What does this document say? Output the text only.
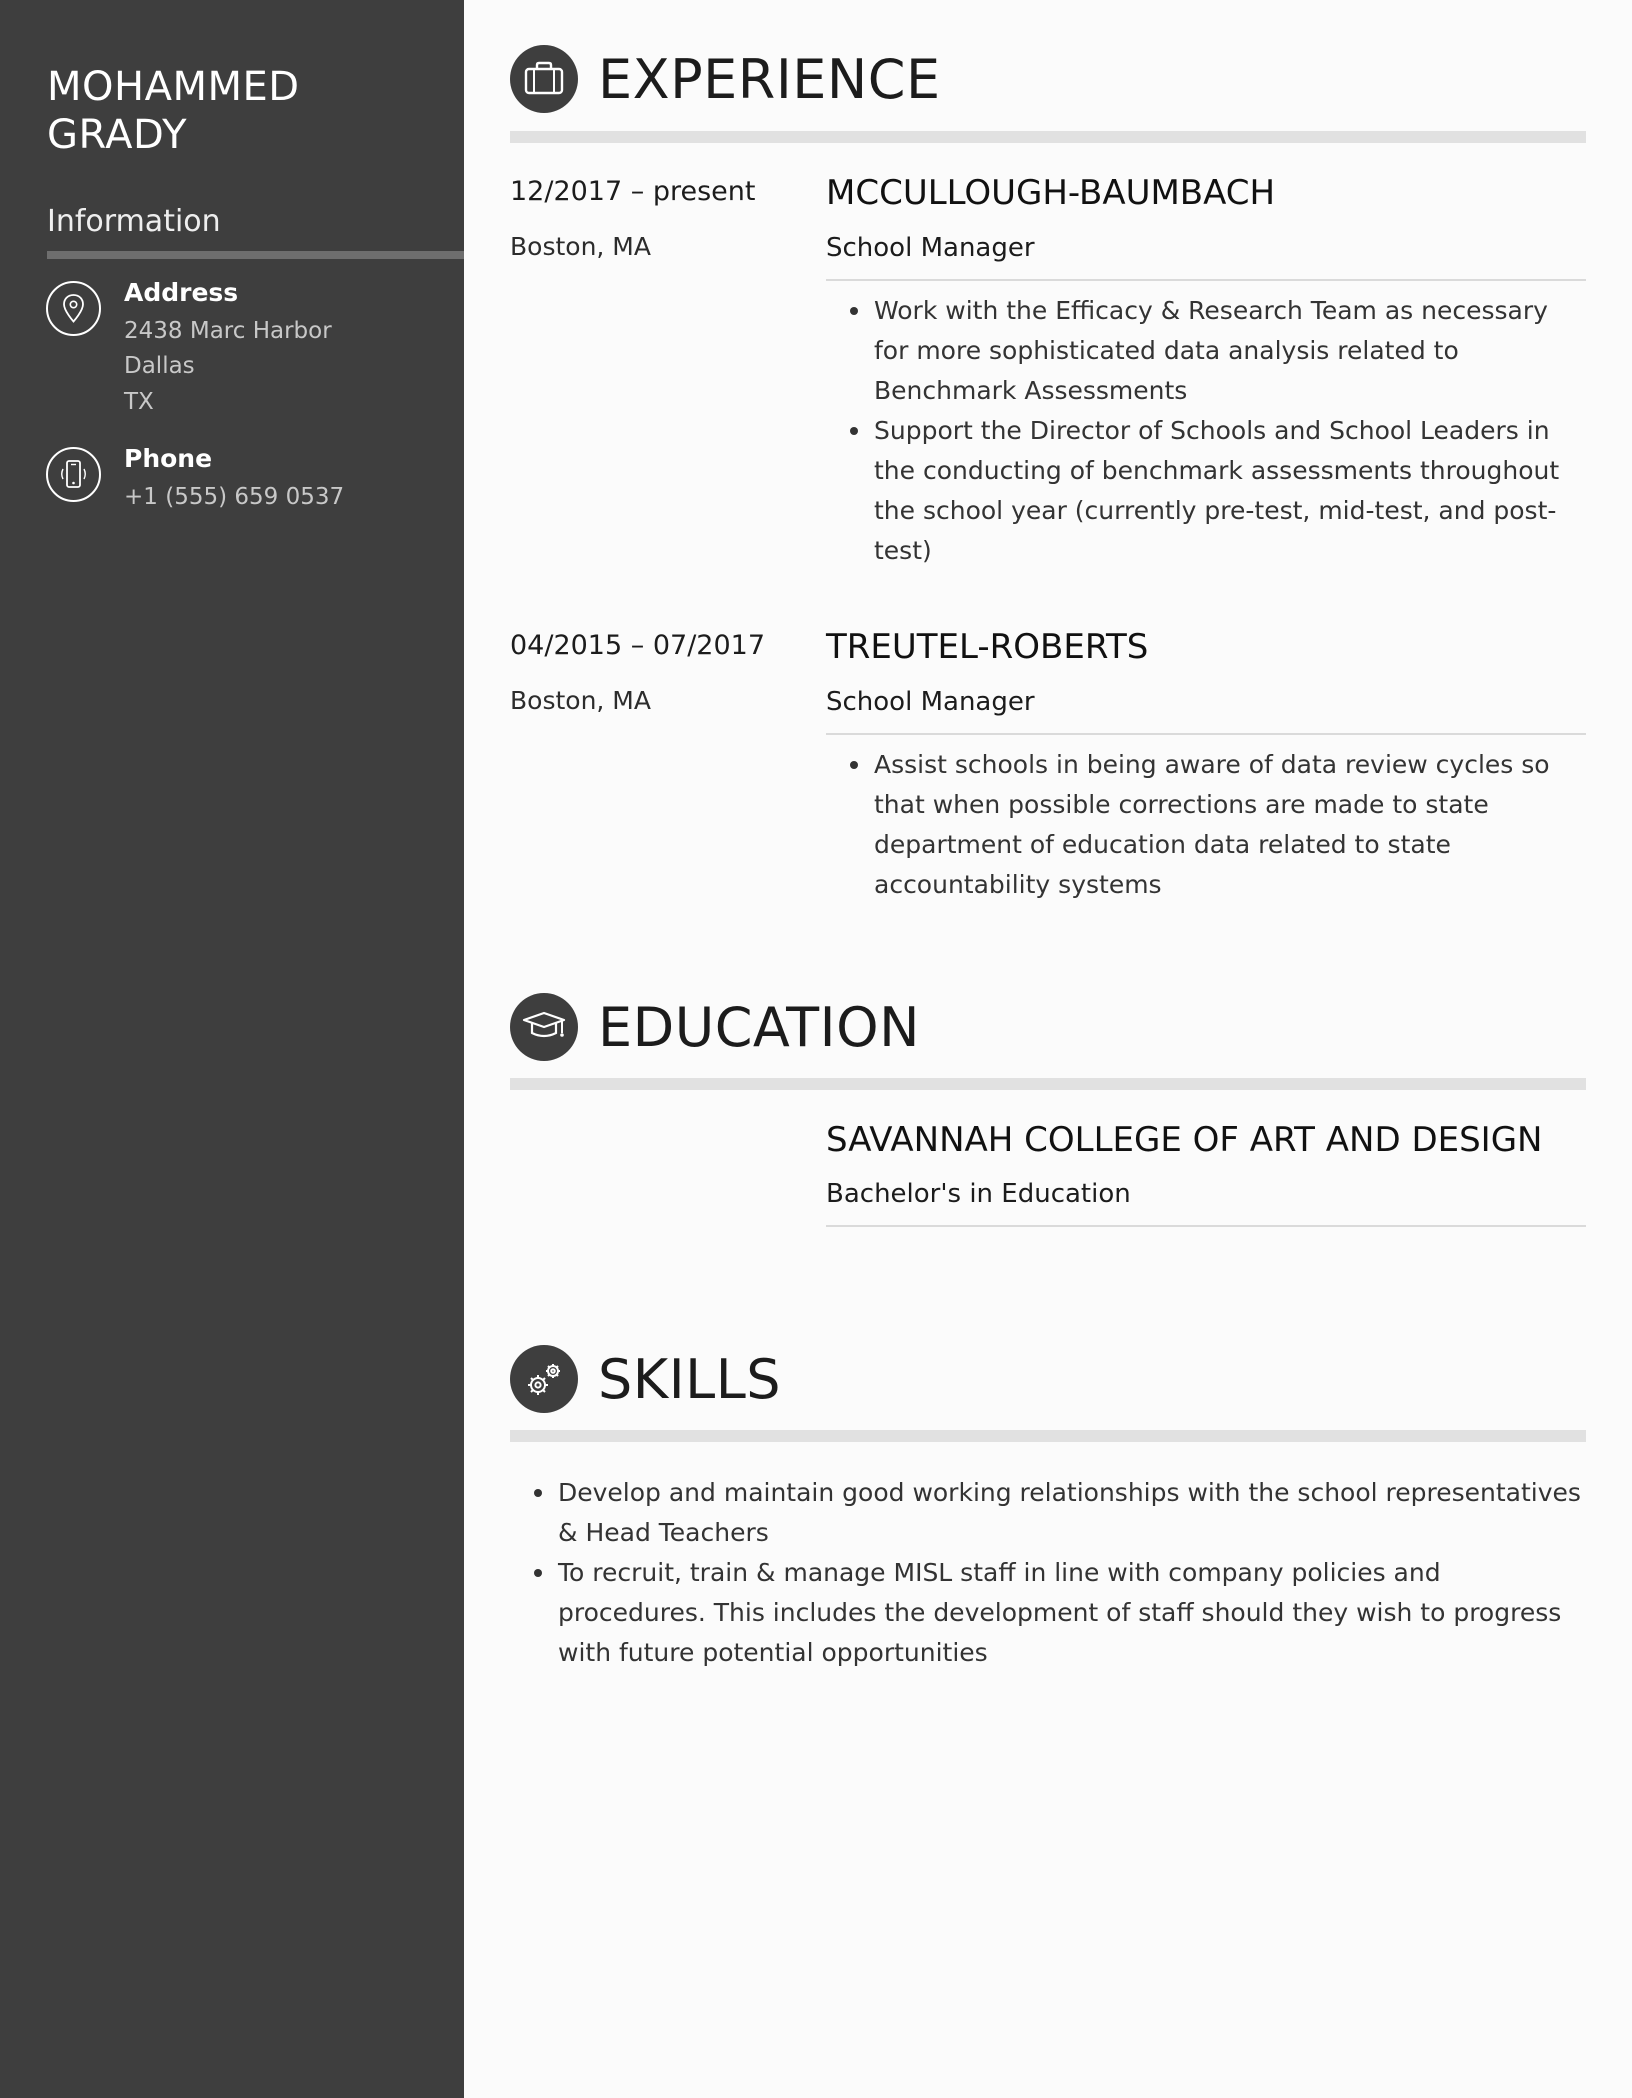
MOHAMMED
GRADY
Information
Address
2438 Marc Harbor
Dallas
TX
Phone
+1 (555) 659 0537
EXPERIENCE
12/2017 – present
Boston, MA
MCCULLOUGH-BAUMBACH
School Manager
Work with the Efficacy & Research Team as necessary for more sophisticated data analysis related to Benchmark Assessments
Support the Director of Schools and School Leaders in the conducting of benchmark assessments throughout the school year (currently pre-test, mid-test, and post-test)
04/2015 – 07/2017
Boston, MA
TREUTEL-ROBERTS
School Manager
Assist schools in being aware of data review cycles so that when possible corrections are made to state department of education data related to state accountability systems
EDUCATION
SAVANNAH COLLEGE OF ART AND DESIGN
Bachelor's in Education
SKILLS
Develop and maintain good working relationships with the school representatives & Head Teachers
To recruit, train & manage MISL staff in line with company policies and procedures. This includes the development of staff should they wish to progress with future potential opportunities
